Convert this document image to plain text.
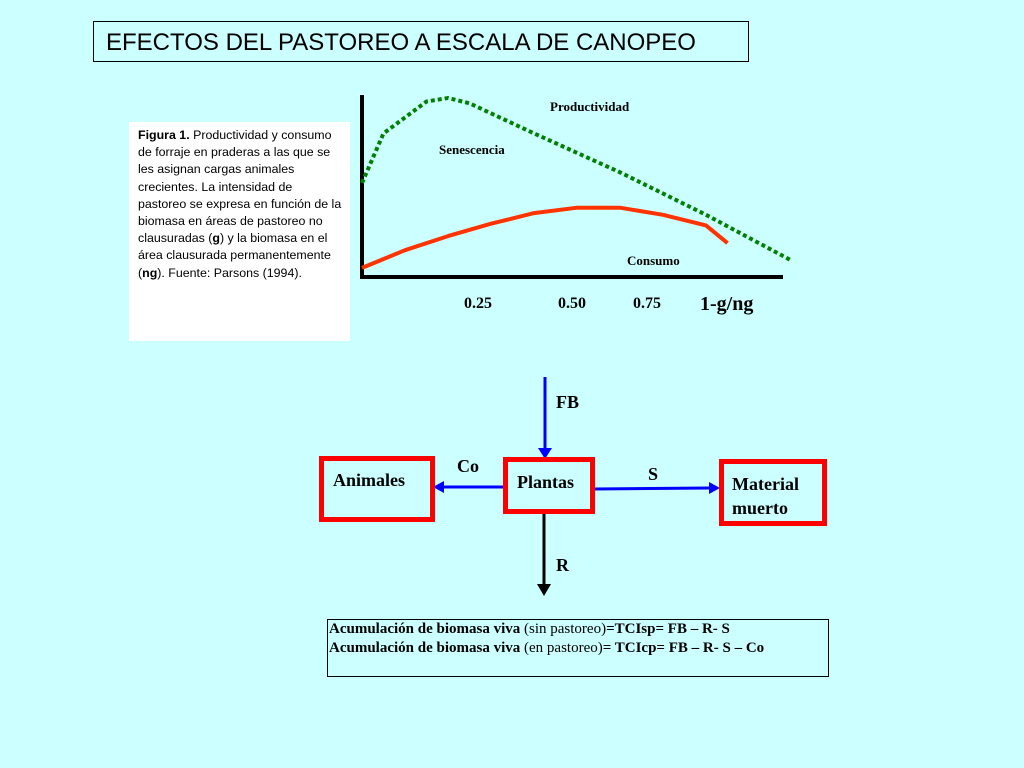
EFECTOS DEL PASTOREO A ESCALA DE CANOPEO
Figura 1. Productividad y consumo de forraje en praderas a las que se les asignan cargas animales crecientes. La intensidad de pastoreo se expresa en función de la biomasa en áreas de pastoreo no clausuradas (g) y la biomasa en el área clausurada permanentemente (ng). Fuente: Parsons (1994).
Productividad
Senescencia
Consumo
0.25	0.50	0.75 1-g/ng
Animales	Plantas	Material
muerto
FB
Co	S
R
Acumulación de biomasa viva (sin pastoreo)=TCIsp= FB – R- S
Acumulación de biomasa viva (en pastoreo)= TCIcp= FB – R- S – Co
